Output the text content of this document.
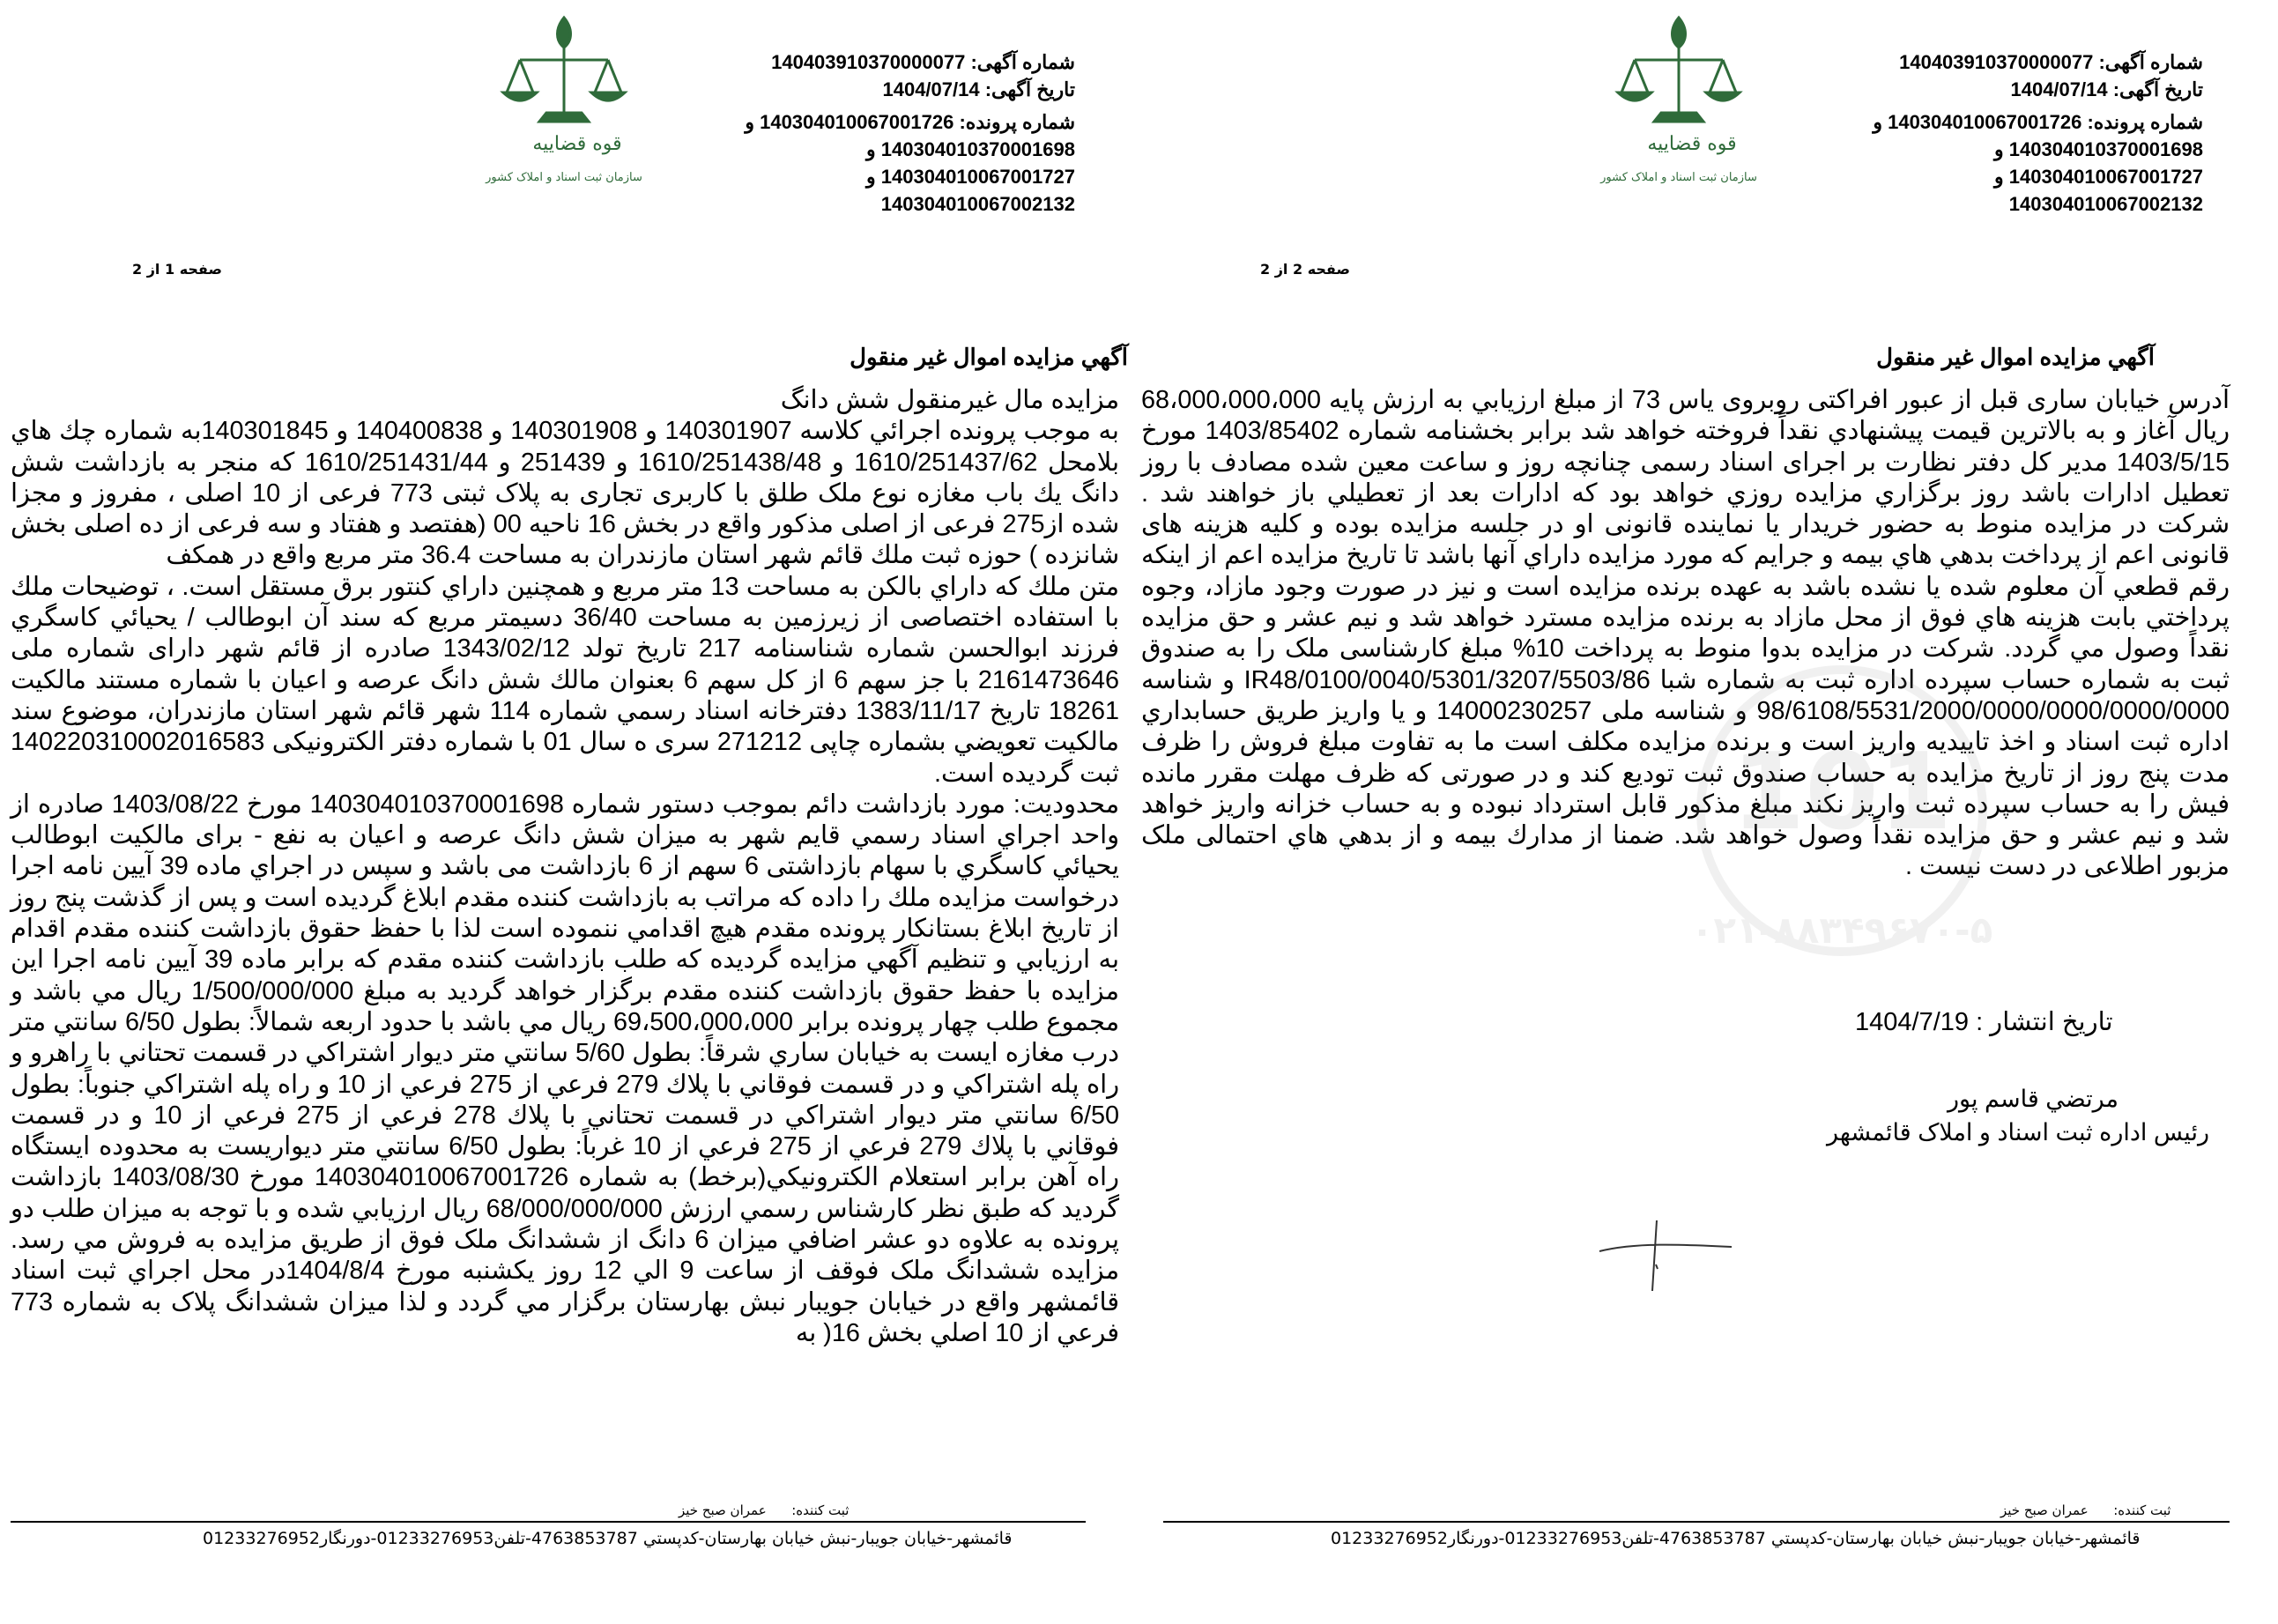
شماره آگهی: 140403910370000077
تاریخ آگهی: 1404/07/14
شماره پرونده: 140304010067001726 و
140304010370001698 و
140304010067001727 و
140304010067002132
قوه قضاییه
سازمان ثبت اسناد و املاک کشور
صفحه 1 از 2
آگهي مزايده اموال غير منقول

مزايده مال غيرمنقول شش دانگ

به موجب پرونده اجرائي كلاسه 140301907 و 140301908 و 140400838 و 140301845به شماره چك هاي بلامحل 1610/251437/62 و 1610/251438/48 و 251439 و 1610/251431/44 كه منجر به بازداشت شش دانگ يك باب مغازه نوع ملک طلق با كاربرى تجارى به پلاک ثبتى 773 فرعى از 10 اصلى ، مفروز و مجزا شده از275 فرعی از اصلی مذکور واقع در بخش 16 ناحيه 00 (هفتصد و هفتاد و سه فرعی از ده اصلی بخش شانزده ) حوزه ثبت ملك قائم شهر استان مازندران به مساحت 36.4 متر مربع واقع در همكف

متن ملك كه داراي بالكن به مساحت 13 متر مربع و همچنين داراي كنتور برق مستقل است. ، توضيحات ملك با استفاده اختصاصى از زيرزمين به مساحت 36/40 دسيمتر مربع كه سند آن ابوطالب / يحيائي كاسگري فرزند ابوالحسن شماره شناسنامه 217 تاريخ تولد 1343/02/12 صادره از قائم شهر داراى شماره ملى 2161473646 با جز سهم 6 از كل سهم 6 بعنوان مالك شش دانگ عرصه و اعيان با شماره مستند مالكيت 18261 تاريخ 1383/11/17 دفترخانه اسناد رسمي شماره 114 شهر قائم شهر استان مازندران، موضوع سند مالكيت تعويضي بشماره چاپى 271212 سرى ه سال 01 با شماره دفتر الكترونيكى 140220310002016583 ثبت گرديده است.

محدوديت: مورد بازداشت دائم بموجب دستور شماره 140304010370001698 مورخ 1403/08/22 صادره از واحد اجراي اسناد رسمي قايم شهر به ميزان شش دانگ عرصه و اعيان به نفع - براى مالكيت ابوطالب يحيائي كاسگري با سهام بازداشتى 6 سهم از 6 بازداشت مى باشد و سپس در اجراي ماده 39 آيين نامه اجرا درخواست مزايده ملك را داده كه مراتب به بازداشت كننده مقدم ابلاغ گرديده است و پس از گذشت پنج روز از تاريخ ابلاغ بستانكار پرونده مقدم هيچ اقدامي ننموده است لذا با حفظ حقوق بازداشت كننده مقدم اقدام به ارزيابي و تنظيم آگهي مزايده گرديده كه طلب بازداشت كننده مقدم كه برابر ماده 39 آيين نامه اجرا اين مزايده با حفظ حقوق بازداشت كننده مقدم برگزار خواهد گرديد به مبلغ 1/500/000/000 ريال مي باشد و مجموع طلب چهار پرونده برابر 69،500،000،000 ريال مي باشد با حدود اربعه شمالاً: بطول 6/50 سانتي متر درب مغازه ايست به خيابان ساري شرقاً: بطول 5/60 سانتي متر ديوار اشتراكي در قسمت تحتاني با راهرو و راه پله اشتراكي و در قسمت فوقاني با پلاك 279 فرعي از 275 فرعي از 10 و راه پله اشتراكي جنوباً: بطول 6/50 سانتي متر ديوار اشتراكي در قسمت تحتاني با پلاك 278 فرعي از 275 فرعي از 10 و در قسمت فوقاني با پلاك 279 فرعي از 275 فرعي از 10 غرباً: بطول 6/50 سانتي متر ديواريست به محدوده ايستگاه راه آهن برابر استعلام الكترونيكي(برخط) به شماره 140304010067001726 مورخ 1403/08/30 بازداشت گرديد كه طبق نظر كارشناس رسمي ارزش 68/000/000/000 ريال ارزيابي شده و با توجه به ميزان طلب دو پرونده به علاوه دو عشر اضافي ميزان 6 دانگ از ششدانگ ملک فوق از طريق مزايده به فروش مي رسد. مزايده ششدانگ ملک فوقف از ساعت 9 الي 12 روز يكشنبه مورخ 1404/8/4در محل اجراي ثبت اسناد قائمشهر واقع در خيابان جويبار نبش بهارستان برگزار مي گردد و لذا ميزان ششدانگ پلاک به شماره 773 فرعي از 10 اصلي بخش 16( به

ثبت كننده:      عمران صبح خيز
قائمشهر-خيابان جويبار-نبش خيابان بهارستان-كدپستي 4763853787-تلفن01233276953-دورنگار01233276952
شماره آگهی: 140403910370000077
تاریخ آگهی: 1404/07/14
شماره پرونده: 140304010067001726 و
140304010370001698 و
140304010067001727 و
140304010067002132
قوه قضاییه
سازمان ثبت اسناد و املاک کشور
صفحه 2 از 2
آگهي مزايده اموال غير منقول

آدرس خيابان ساری قبل از عبور افراكتى روبروى ياس 73 از مبلغ ارزيابي به ارزش پايه 68،000،000،000 ريال آغاز و به بالاترين قيمت پيشنهادي نقداً فروخته خواهد شد برابر بخشنامه شماره 1403/85402 مورخ 1403/5/15 مدير كل دفتر نظارت بر اجراى اسناد رسمى چنانچه روز و ساعت معين شده مصادف با روز تعطيل ادارات باشد روز برگزاري مزايده روزي خواهد بود كه ادارات بعد از تعطيلي باز خواهند شد . شركت در مزايده منوط به حضور خريدار يا نماينده قانونى او در جلسه مزايده بوده و كليه هزينه هاى قانونى اعم از پرداخت بدهي هاي بيمه و جرايم كه مورد مزايده داراي آنها باشد تا تاريخ مزايده اعم از اينكه رقم قطعي آن معلوم شده يا نشده باشد به عهده برنده مزايده است و نيز در صورت وجود مازاد، وجوه پرداختي بابت هزينه هاي فوق از محل مازاد به برنده مزايده مسترد خواهد شد و نيم عشر و حق مزايده نقداً وصول مي گردد. شركت در مزايده بدوا منوط به پرداخت 10% مبلغ كارشناسى ملک را به صندوق ثبت به شماره حساب سپرده اداره ثبت به شماره شبا IR48/0100/0040/5301/3207/5503/86 و شناسه 98/6108/5531/2000/0000/0000/0000/0000 و شناسه ملى 14000230257 و يا واريز طريق حسابداري اداره ثبت اسناد و اخذ تاييديه واريز است و برنده مزايده مكلف است ما به تفاوت مبلغ فروش را ظرف مدت پنج روز از تاريخ مزايده به حساب صندوق ثبت توديع كند و در صورتى كه ظرف مهلت مقرر مانده فيش را به حساب سپرده ثبت واريز نكند مبلغ مذكور قابل استرداد نبوده و به حساب خزانه واريز خواهد شد و نيم عشر و حق مزايده نقداً وصول خواهد شد. ضمنا از مدارك بيمه و از بدهي هاي احتمالى ملک مزبور اطلاعى در دست نيست .

تاريخ انتشار : 1404/7/19
مرتضي قاسم پور
رئيس اداره ثبت اسناد و املاک قائمشهر
ثبت كننده:      عمران صبح خيز
قائمشهر-خيابان جويبار-نبش خيابان بهارستان-كدپستي 4763853787-تلفن01233276953-دورنگار01233276952
101
۰۲۱-۸۸۳۴۹۶۷۰-۵
